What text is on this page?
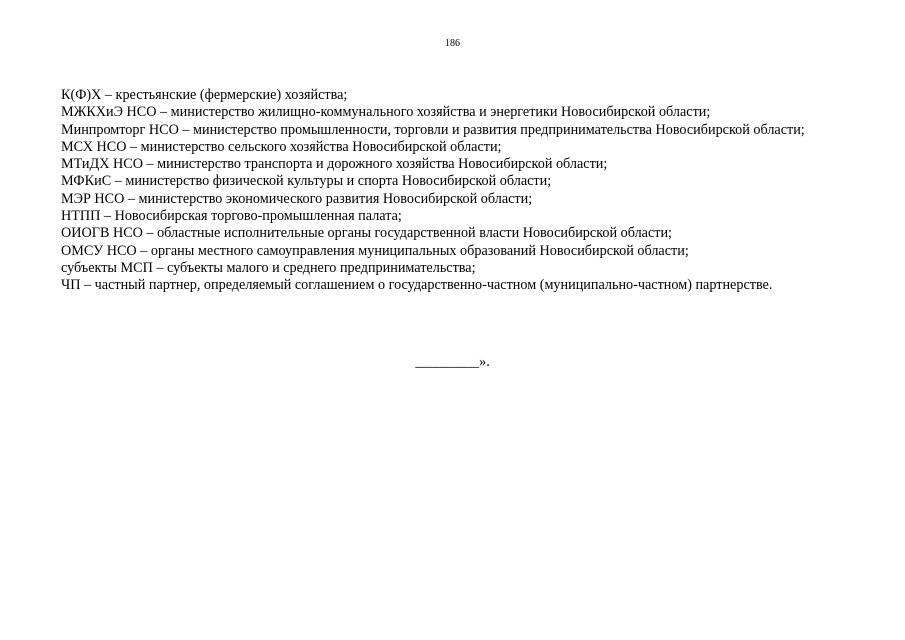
186
К(Ф)Х – крестьянские (фермерские) хозяйства;
МЖКХиЭ НСО – министерство жилищно-коммунального хозяйства и энергетики Новосибирской области;
Минпромторг НСО – министерство промышленности, торговли и развития предпринимательства Новосибирской области;
МСХ НСО – министерство сельского хозяйства Новосибирской области;
МТиДХ НСО – министерство транспорта и дорожного хозяйства Новосибирской области;
МФКиС – министерство физической культуры и спорта Новосибирской области;
МЭР НСО – министерство экономического развития Новосибирской области;
НТПП – Новосибирская торгово-промышленная палата;
ОИОГВ НСО – областные исполнительные органы государственной власти Новосибирской области;
ОМСУ НСО – органы местного самоуправления муниципальных образований Новосибирской области;
субъекты МСП – субъекты малого и среднего предпринимательства;
ЧП – частный партнер, определяемый соглашением о государственно-частном (муниципально-частном) партнерстве.
_________».
